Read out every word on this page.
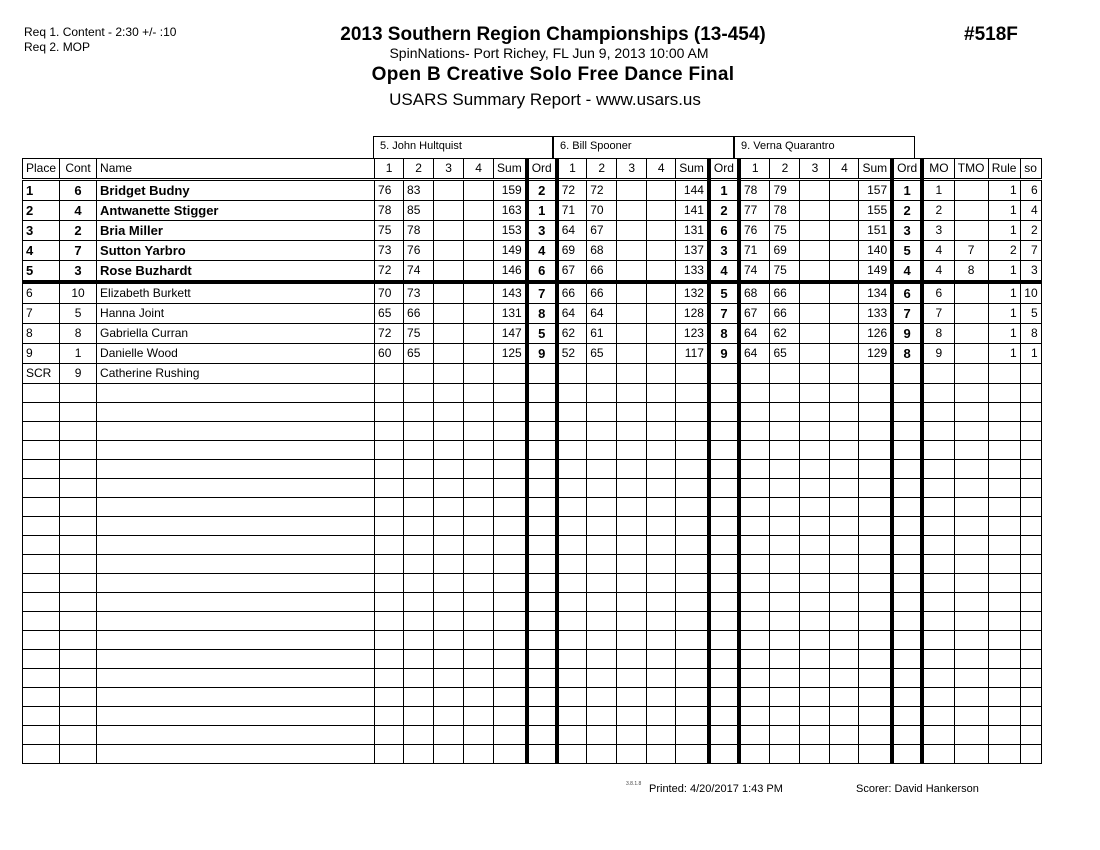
Req 1. Content - 2:30 +/- :10
Req 2. MOP
2013 Southern Region Championships (13-454)
SpinNations- Port Richey, FL Jun 9, 2013 10:00 AM
Open B Creative Solo Free Dance Final
USARS Summary Report - www.usars.us
#518F
5. John Hultquist	6. Bill Spooner	9. Verna Quarantro
Place	Cont	Name	1	2	3	4	Sum	Ord	1	2	3	4	Sum	Ord	1	2	3	4	Sum	Ord	MO	TMO	Rule	so
1	6	Bridget Budny	76	83			159	2	72	72			144	1	78	79			157	1	1		1	6
2	4	Antwanette Stigger	78	85			163	1	71	70			141	2	77	78			155	2	2		1	4
3	2	Bria Miller	75	78			153	3	64	67			131	6	76	75			151	3	3		1	2
4	7	Sutton Yarbro	73	76			149	4	69	68			137	3	71	69			140	5	4	7	2	7
5	3	Rose Buzhardt	72	74			146	6	67	66			133	4	74	75			149	4	4	8	1	3
6	10	Elizabeth Burkett	70	73			143	7	66	66			132	5	68	66			134	6	6		1	10
7	5	Hanna Joint	65	66			131	8	64	64			128	7	67	66			133	7	7		1	5
8	8	Gabriella Curran	72	75			147	5	62	61			123	8	64	62			126	9	8		1	8
9	1	Danielle Wood	60	65			125	9	52	65			117	9	64	65			129	8	9		1	1
SCR	9	Catherine Rushing																						

3.8.1.8 Printed: 4/20/2017 1:43 PM	Scorer: David Hankerson
